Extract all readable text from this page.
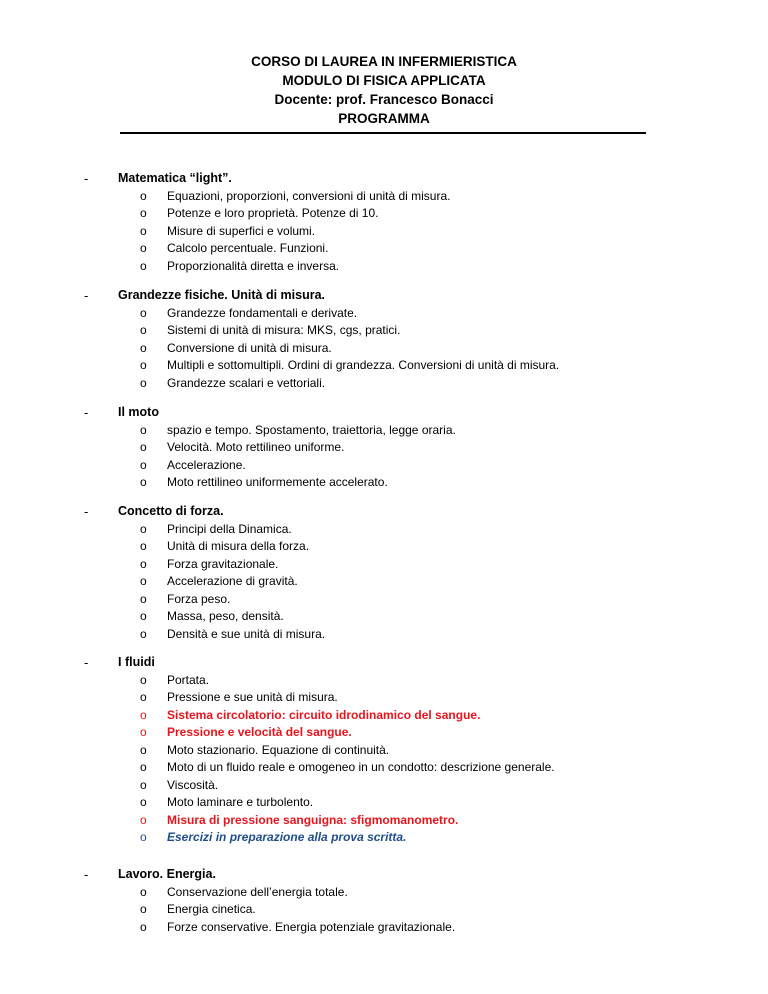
CORSO DI LAUREA IN INFERMIERISTICA
MODULO DI FISICA APPLICATA
Docente: prof. Francesco Bonacci
PROGRAMMA
- Matematica “light”.
o Equazioni, proporzioni, conversioni di unità di misura.
o Potenze e loro proprietà. Potenze di 10.
o Misure di superfici e volumi.
o Calcolo percentuale. Funzioni.
o Proporzionalità diretta e inversa.
- Grandezze fisiche. Unità di misura.
o Grandezze fondamentali e derivate.
o Sistemi di unità di misura: MKS, cgs, pratici.
o Conversione di unità di misura.
o Multipli e sottomultipli. Ordini di grandezza. Conversioni di unità di misura.
o Grandezze scalari e vettoriali.
- Il moto
o spazio e tempo. Spostamento, traiettoria, legge oraria.
o Velocità. Moto rettilineo uniforme.
o Accelerazione.
o Moto rettilineo uniformemente accelerato.
- Concetto di forza.
o Principi della Dinamica.
o Unità di misura della forza.
o Forza gravitazionale.
o Accelerazione di gravità.
o Forza peso.
o Massa, peso, densità.
o Densità e sue unità di misura.
- I fluidi
o Portata.
o Pressione e sue unità di misura.
o Sistema circolatorio: circuito idrodinamico del sangue.
o Pressione e velocità del sangue.
o Moto stazionario. Equazione di continuità.
o Moto di un fluido reale e omogeneo in un condotto: descrizione generale.
o Viscosità.
o Moto laminare e turbolento.
o Misura di pressione sanguigna: sfigmomanometro.
o Esercizi in preparazione alla prova scritta.
- Lavoro. Energia.
o Conservazione dell’energia totale.
o Energia cinetica.
o Forze conservative. Energia potenziale gravitazionale.
